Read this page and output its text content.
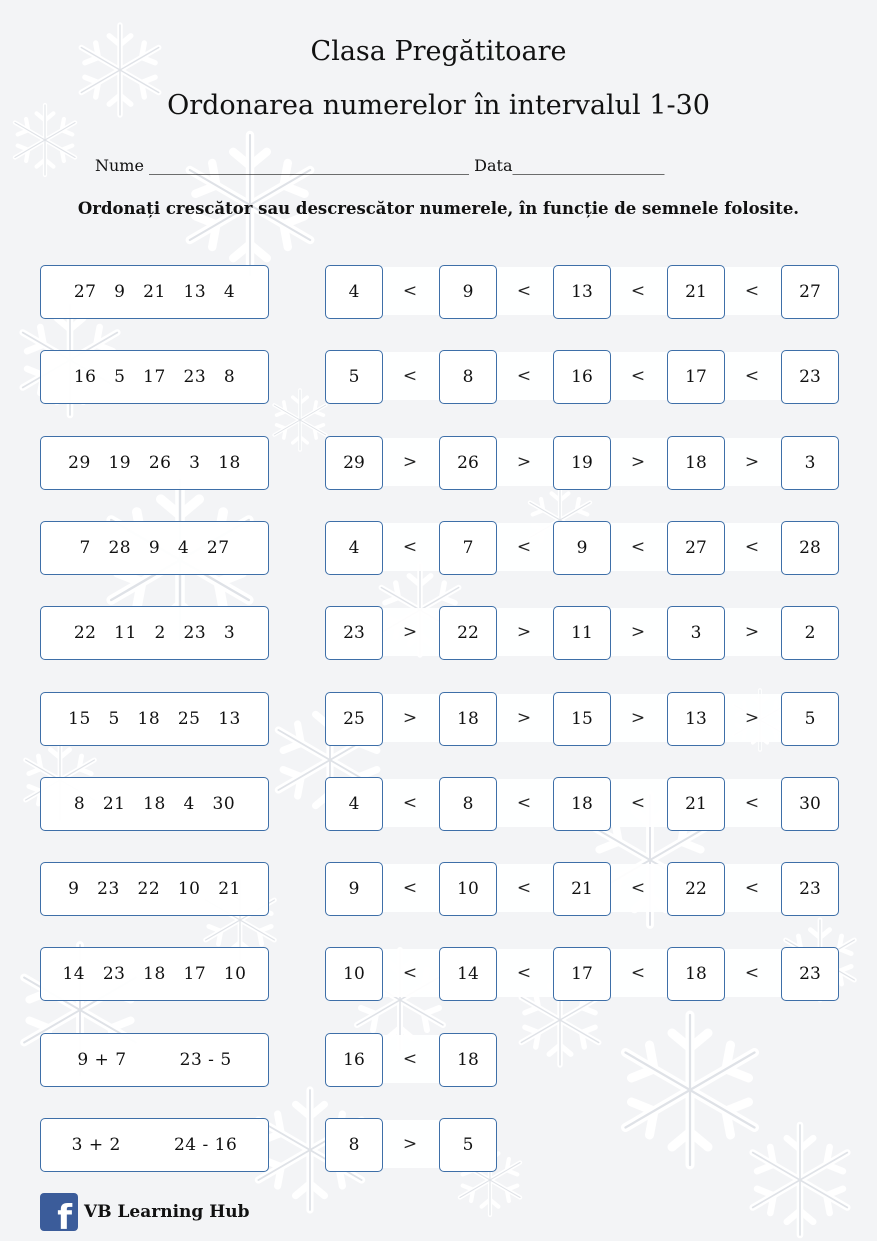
Clasa Pregătitoare
Ordonarea numerelor în intervalul 1-30
Nume ________________________________________ Data___________________
Ordonați crescător sau descrescător numerele, în funcție de semnele folosite.
27   9   21   13   4	4	<	9	<	13	<	21	<	27
16   5   17   23   8	5	<	8	<	16	<	17	<	23
29   19   26   3   18	29	>	26	>	19	>	18	>	3
7   28   9   4   27	4	<	7	<	9	<	27	<	28
22   11   2   23   3	23	>	22	>	11	>	3	>	2
15   5   18   25   13	25	>	18	>	15	>	13	>	5
8   21   18   4   30	4	<	8	<	18	<	21	<	30
9   23   22   10   21	9	<	10	<	21	<	22	<	23
14   23   18   17   10	10	<	14	<	17	<	18	<	23
9 + 7         23 - 5	16	<	18
3 + 2         24 - 16	8	>	5
f VB Learning Hub
